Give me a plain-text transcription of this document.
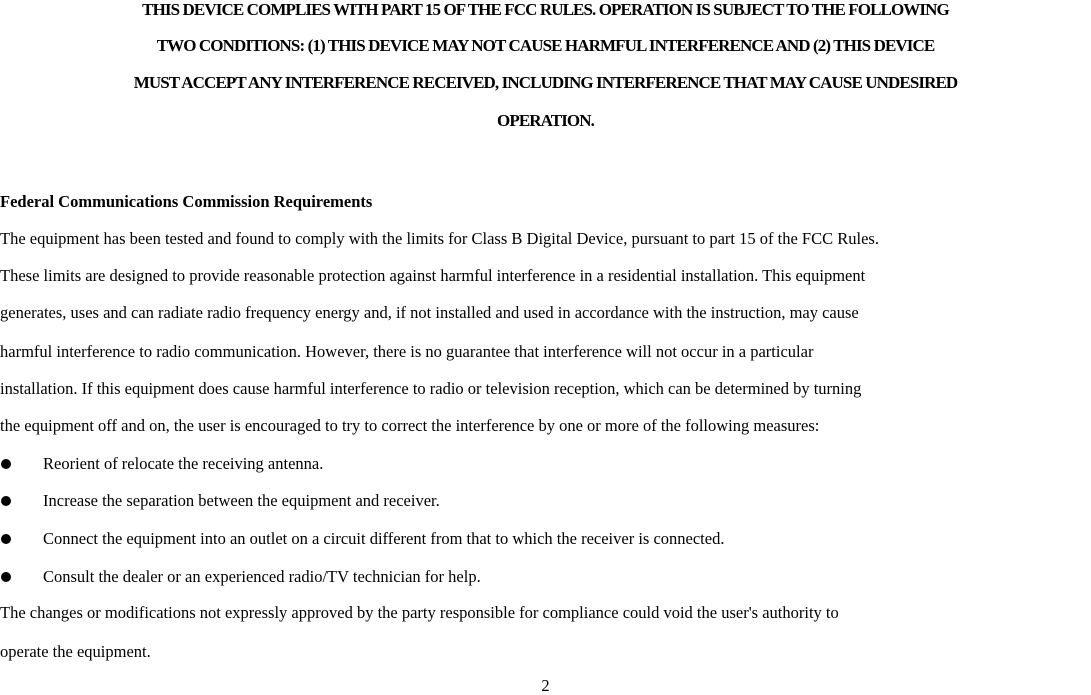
THIS DEVICE COMPLIES WITH PART 15 OF THE FCC RULES. OPERATION IS SUBJECT TO THE FOLLOWING
TWO CONDITIONS: (1) THIS DEVICE MAY NOT CAUSE HARMFUL INTERFERENCE AND (2) THIS DEVICE
MUST ACCEPT ANY INTERFERENCE RECEIVED, INCLUDING INTERFERENCE THAT MAY CAUSE UNDESIRED
OPERATION.
Federal Communications Commission Requirements
The equipment has been tested and found to comply with the limits for Class B Digital Device, pursuant to part 15 of the FCC Rules.
These limits are designed to provide reasonable protection against harmful interference in a residential installation. This equipment
generates, uses and can radiate radio frequency energy and, if not installed and used in accordance with the instruction, may cause
harmful interference to radio communication. However, there is no guarantee that interference will not occur in a particular
installation. If this equipment does cause harmful interference to radio or television reception, which can be determined by turning
the equipment off and on, the user is encouraged to try to correct the interference by one or more of the following measures:
Reorient of relocate the receiving antenna.
Increase the separation between the equipment and receiver.
Connect the equipment into an outlet on a circuit different from that to which the receiver is connected.
Consult the dealer or an experienced radio/TV technician for help.
The changes or modifications not expressly approved by the party responsible for compliance could void the user's authority to
operate the equipment.
2
